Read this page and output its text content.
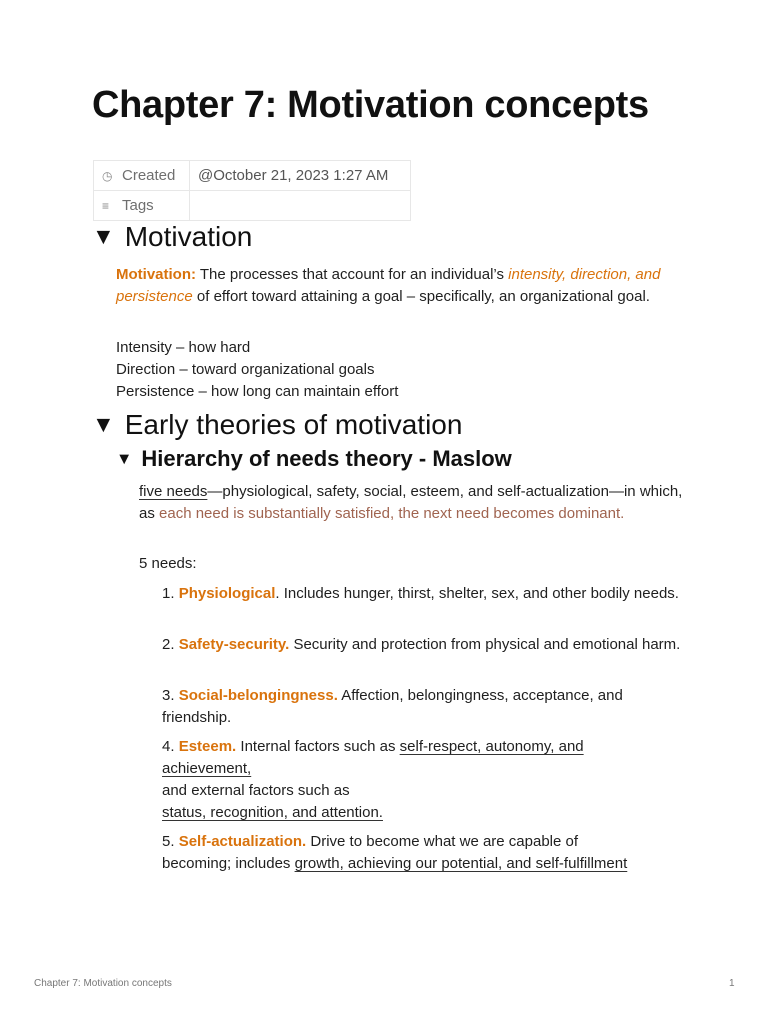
Chapter 7: Motivation concepts
◷ Created	@October 21, 2023 1:27 AM
≡ Tags	
▼ Motivation

Motivation: The processes that account for an individual’s intensity, direction, and persistence of effort toward attaining a goal – specifically, an organizational goal.

Intensity – how hard

Direction – toward organizational goals

Persistence – how long can maintain effort

▼ Early theories of motivation
▼ Hierarchy of needs theory - Maslow

five needs—physiological, safety, social, esteem, and self-actualization—in which, as each need is substantially satisfied, the next need becomes dominant.

5 needs:

1. Physiological. Includes hunger, thirst, shelter, sex, and other bodily needs.

2. Safety-security. Security and protection from physical and emotional harm.

3. Social-belongingness. Affection, belongingness, acceptance, and friendship.

4. Esteem. Internal factors such as self-respect, autonomy, and achievement,

and external factors such as

status, recognition, and attention.

5. Self-actualization. Drive to become what we are capable of becoming; includes growth, achieving our potential, and self-fulfillment

Chapter 7: Motivation concepts	1
